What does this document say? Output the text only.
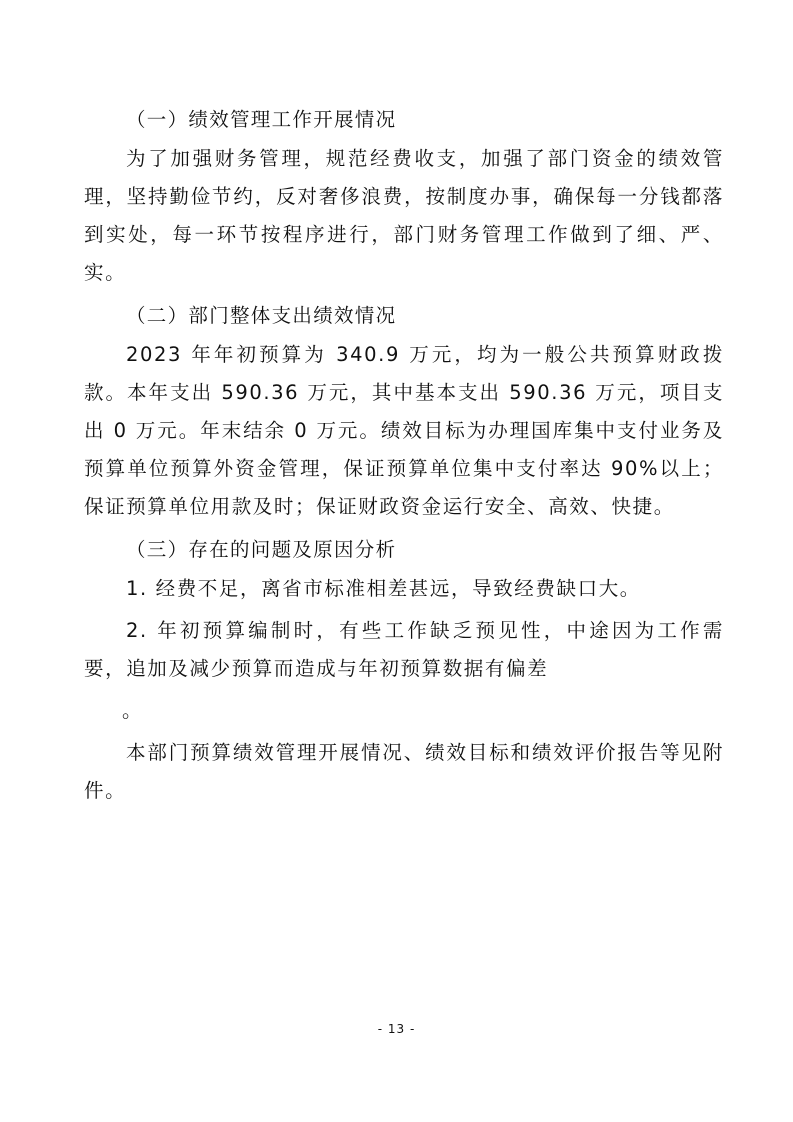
（一）绩效管理工作开展情况

为了加强财务管理，规范经费收支，加强了部门资金的绩效管理，坚持勤俭节约，反对奢侈浪费，按制度办事，确保每一分钱都落到实处，每一环节按程序进行，部门财务管理工作做到了细、严、实。

（二）部门整体支出绩效情况

2023 年年初预算为 340.9 万元，均为一般公共预算财政拨款。本年支出 590.36 万元，其中基本支出 590.36 万元，项目支出 0 万元。年末结余 0 万元。绩效目标为办理国库集中支付业务及预算单位预算外资金管理，保证预算单位集中支付率达 90%以上；保证预算单位用款及时；保证财政资金运行安全、高效、快捷。

（三）存在的问题及原因分析

1. 经费不足，离省市标准相差甚远，导致经费缺口大。

2. 年初预算编制时，有些工作缺乏预见性，中途因为工作需要，追加及减少预算而造成与年初预算数据有偏差

。

本部门预算绩效管理开展情况、绩效目标和绩效评价报告等见附件。

- 13 -
